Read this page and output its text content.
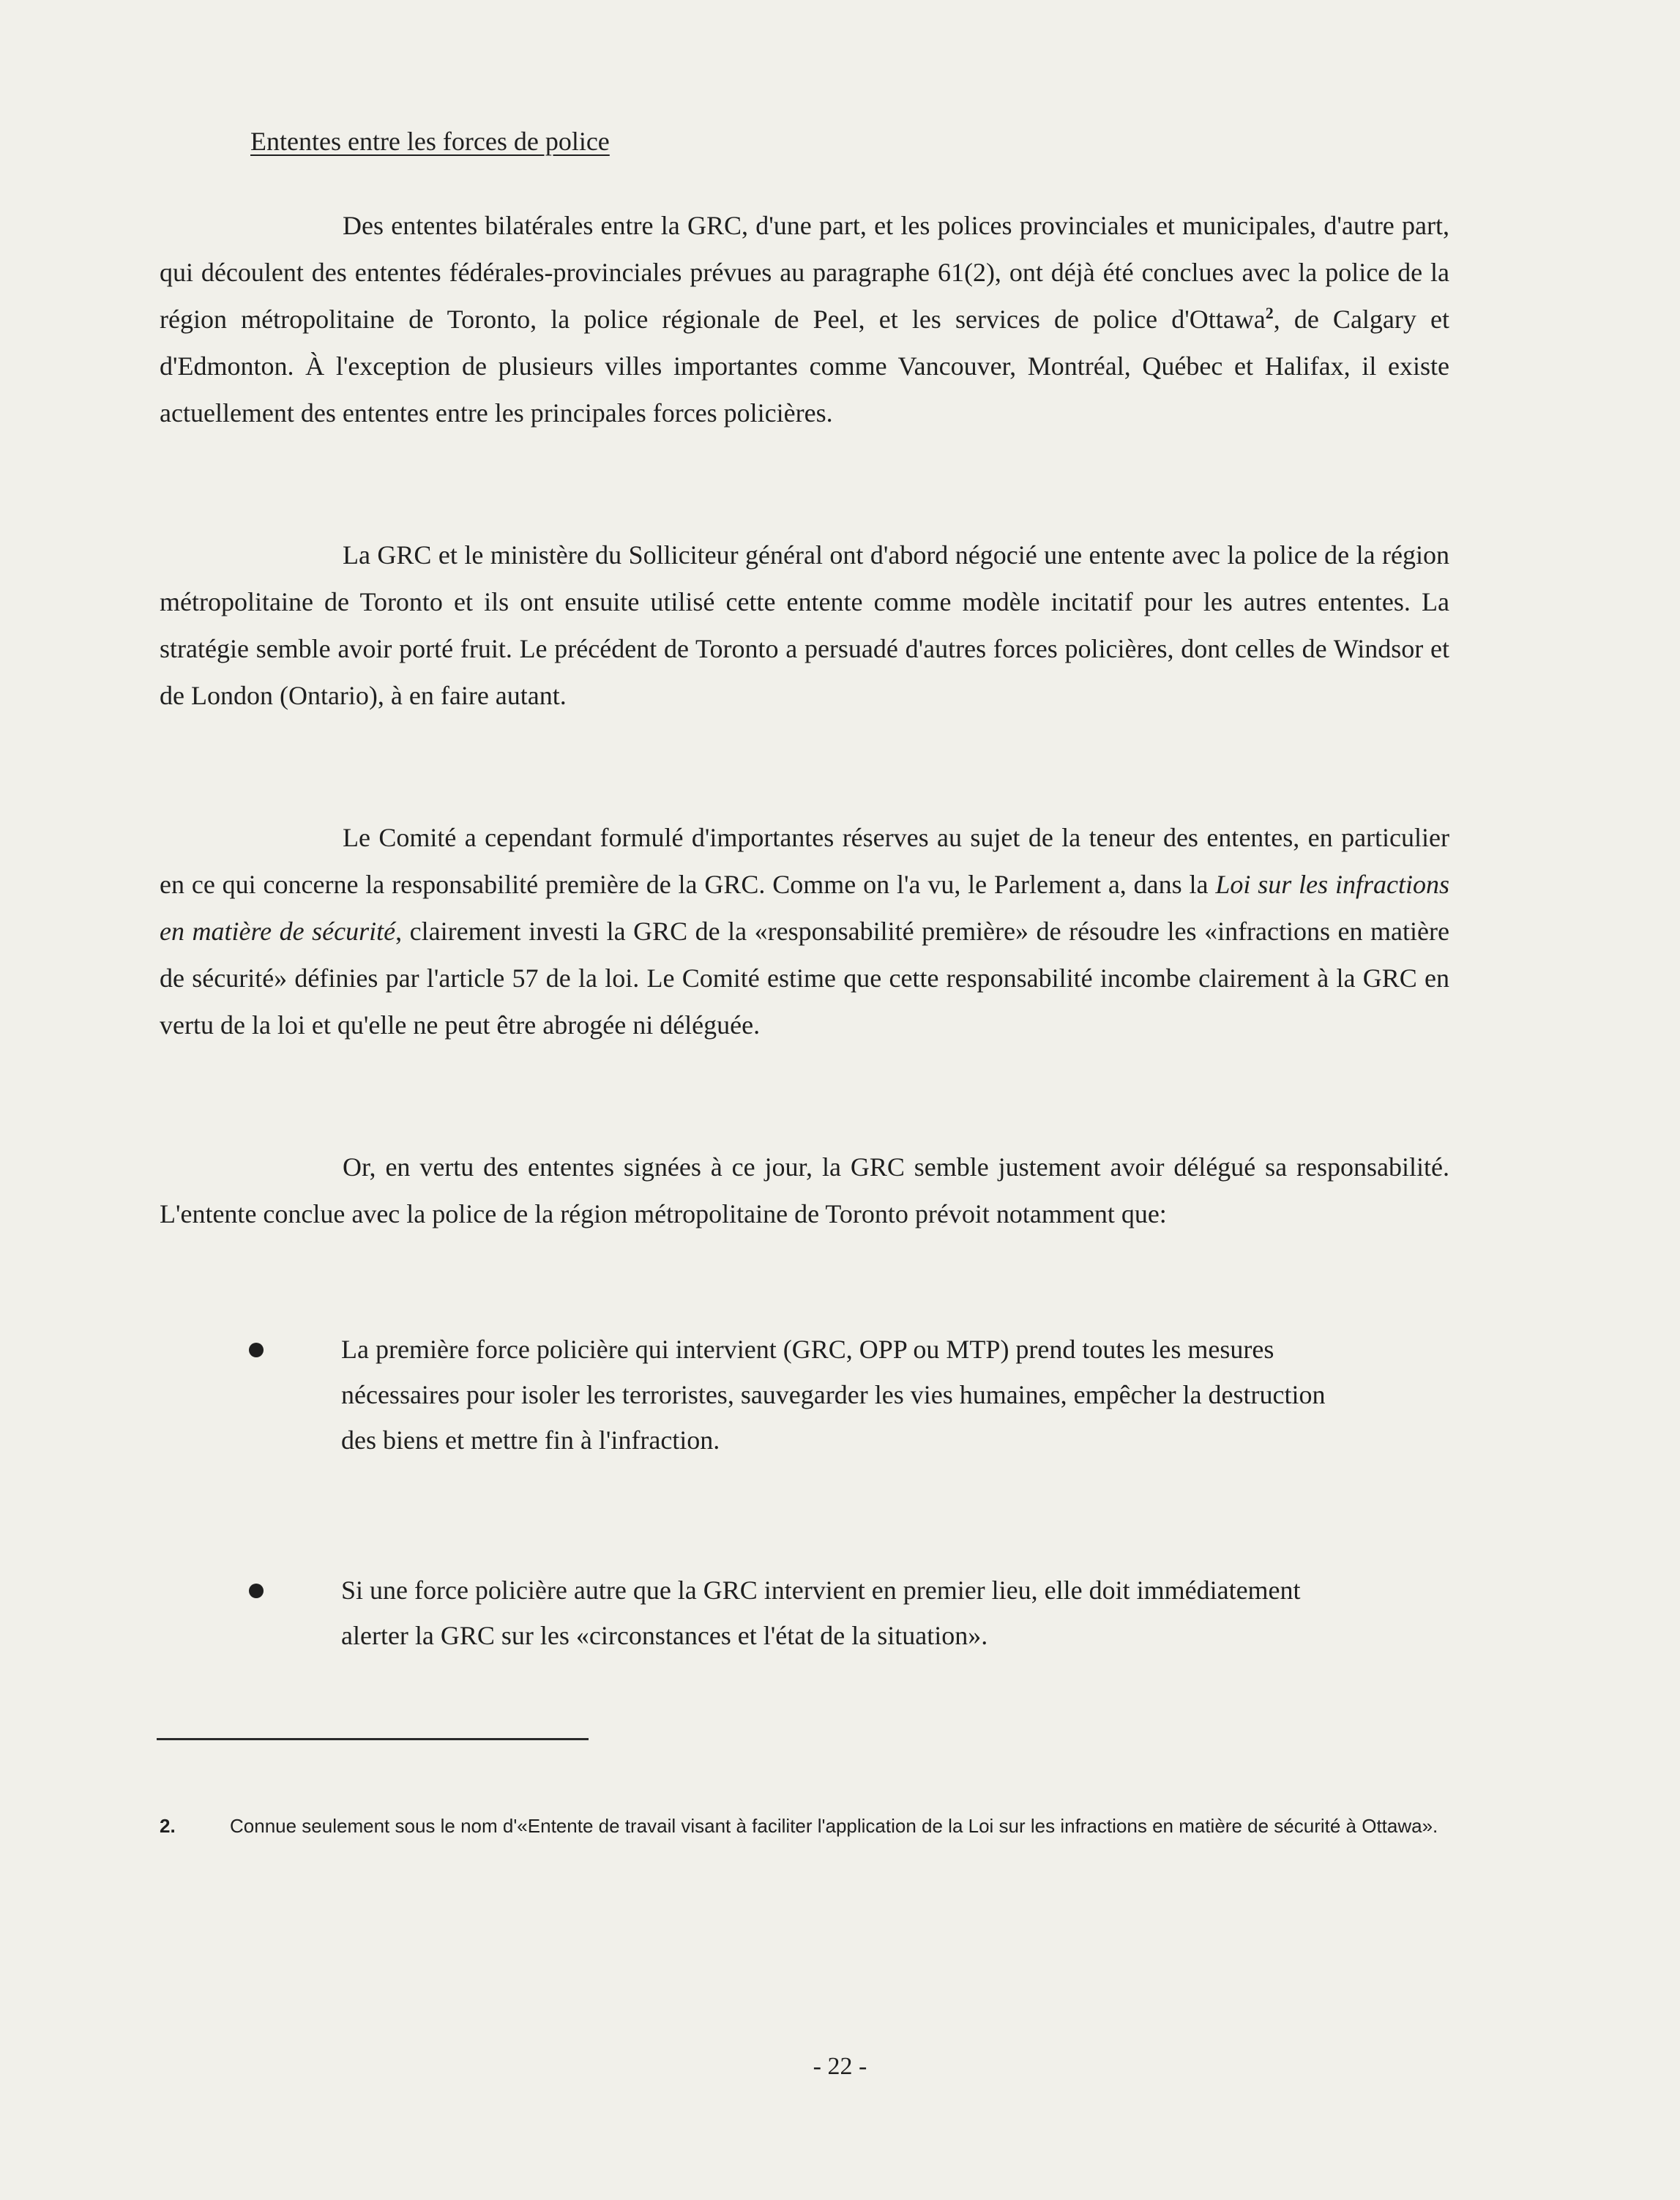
Ententes entre les forces de police
Des ententes bilatérales entre la GRC, d'une part, et les polices provinciales et municipales, d'autre part, qui découlent des ententes fédérales-provinciales prévues au paragraphe 61(2), ont déjà été conclues avec la police de la région métropolitaine de Toronto, la police régionale de Peel, et les services de police d'Ottawa$^2$, de Calgary et d'Edmonton. À l'exception de plusieurs villes importantes comme Vancouver, Montréal, Québec et Halifax, il existe actuellement des ententes entre les principales forces policières.
La GRC et le ministère du Solliciteur général ont d'abord négocié une entente avec la police de la région métropolitaine de Toronto et ils ont ensuite utilisé cette entente comme modèle incitatif pour les autres ententes. La stratégie semble avoir porté fruit. Le précédent de Toronto a persuadé d'autres forces policières, dont celles de Windsor et de London (Ontario), à en faire autant.
Le Comité a cependant formulé d'importantes réserves au sujet de la teneur des ententes, en particulier en ce qui concerne la responsabilité première de la GRC. Comme on l'a vu, le Parlement a, dans la Loi sur les infractions en matière de sécurité, clairement investi la GRC de la «responsabilité première» de résoudre les «infractions en matière de sécurité» définies par l'article 57 de la loi. Le Comité estime que cette responsabilité incombe clairement à la GRC en vertu de la loi et qu'elle ne peut être abrogée ni déléguée.
Or, en vertu des ententes signées à ce jour, la GRC semble justement avoir délégué sa responsabilité. L'entente conclue avec la police de la région métropolitaine de Toronto prévoit notamment que:
La première force policière qui intervient (GRC, OPP ou MTP) prend toutes les mesures nécessaires pour isoler les terroristes, sauvegarder les vies humaines, empêcher la destruction des biens et mettre fin à l'infraction.
Si une force policière autre que la GRC intervient en premier lieu, elle doit immédiatement alerter la GRC sur les «circonstances et l'état de la situation».
2.	Connue seulement sous le nom d'«Entente de travail visant à faciliter l'application de la Loi sur les infractions en matière de sécurité à Ottawa».
- 22 -
